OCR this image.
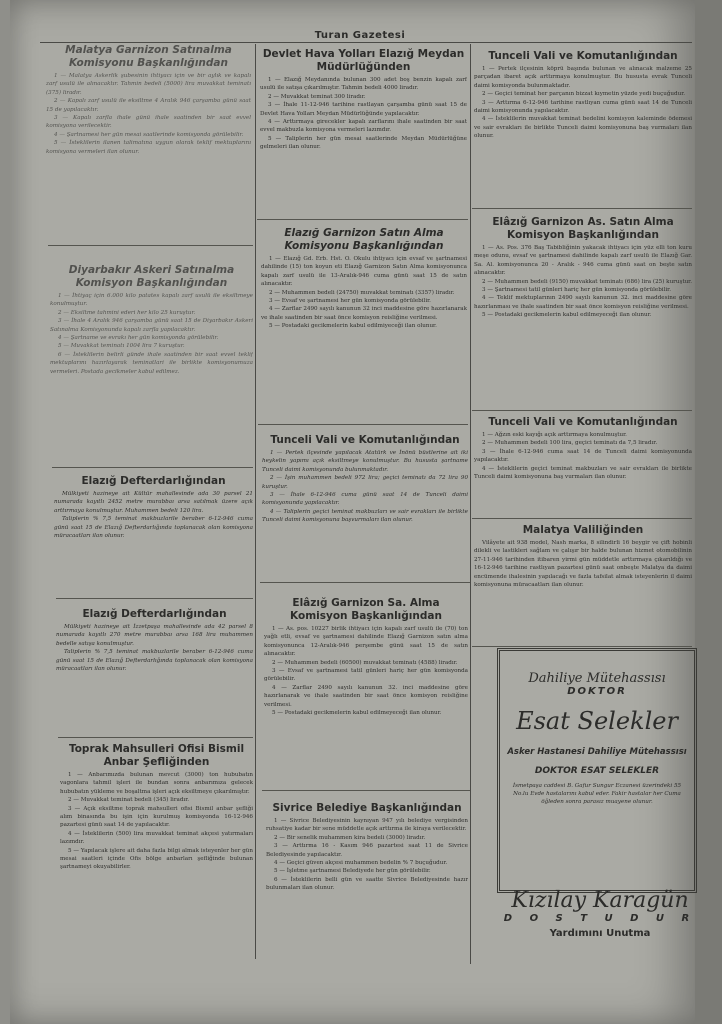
Turan Gazetesi
Malatya Garnizon Satınalma Komisyonu Başkanlığından

1 — Malatya Askerlik şubesinin ihtiyacı için ve bir aylık ve kapalı zarf usulü ile alınacaktır. Tahmin bedeli (5000) lira muvakkat teminatı (375) liradır.

2 — Kapalı zarf usulü ile eksiltme 4 Aralık 946 çarşamba günü saat 15 de yapılacaktır.

3 — Kapalı zarfla ihale günü ihale saatinden bir saat evvel komisyona verilecektir.

4 — Şartnamesi her gün mesai saatlerinde komisyonda görülebilir.

5 — İsteklilerin ilanen talimatına uygun olarak teklif mektuplarını komisyona vermeleri ilan olunur.

Diyarbakır Askeri Satınalma Komisyon Başkanlığından

1 — İhtiyaç için 6.000 kilo patates kapalı zarf usulü ile eksiltmeye konulmuştur.

2 — Eksiltme tahmini ederi her kilo 25 kuruştur.

3 — İhale 4 Aralık 946 çarşamba günü saat 15 de Diyarbakır Askeri Satınalma Komisyonunda kapalı zarfla yapılacaktır.

4 — Şartname ve evrakı her gün komisyonda görülebilir.

5 — Muvakkat teminatı 1004 lira 7 kuruştur.

6 — İsteklilerin belirli günde ihale saatinden bir saat evvel teklif mektuplarını hazırlayarak teminatlari ile birlikte komisyonumuza vermeleri. Postada gecikmeler kabul edilmez.

Elazığ Defterdarlığından

Mülkiyeti hazineye ait Kültür mahallesinde ada 30 parsel 21 numarada kayıtlı 2452 metre murabbaı arsa satılmak üzere açık arttırmaya konulmuştur. Muhammen bedeli 120 lira.

Taliplerin % 7,5 teminat makbuzlarile beraber 6-12-946 cuma günü saat 15 de Elazığ Defterdarlığında toplanacak olan komisyona müracaatları ilan olunur.

Elazığ Defterdarlığından

Mülkiyeti hazineye ait İzzetpaşa mahallesinde ada 42 parsel 8 numarada kayıtlı 270 metre murabbaı arsa 168 lira muhammen bedelle satışa konulmuştur.

Taliplerin % 7,5 teminat makbuzlarile beraber 6-12-946 cuma günü saat 15 de Elazığ Defterdarlığında toplanacak olan komisyona müracaatları ilan olunur.

Toprak Mahsulleri Ofisi Bismil Anbar Şefliğinden

1 — Anbarımızda bulunan mevcut (3000) ton hububatın vagonlara tahmil işleri ile bundan sonra anbarımıza gelecek hububatın yükleme ve boşaltma işleri açık eksiltmeye çıkarılmıştır.

2 — Muvakkat teminat bedeli (345) liradır.

3 — Açık eksiltme toprak mahsulleri ofisi Bismil anbar şefliği alım binasında bu işin için kurulmuş komisyonda 16-12-946 pazartesi günü saat 14 de yapılacaktır.

4 — İsteklilerin (500) lira muvakkat teminat akçesi yatırmaları lazımdır.

5 — Yapılacak işlere ait daha fazla bilgi almak isteyenler her gün mesai saatleri içinde Ofis bölge anbarları şefliğinde bulunan şartnameyi okuyabilirler.

Devlet Hava Yolları Elazığ Meydan Müdürlüğünden

1 — Elazığ Meydanında bulunan 300 adet boş benzin kapalı zarf usulü ile satışa çıkarılmıştır. Tahmin bedeli 4000 liradır.

2 — Muvakkat teminat 300 liradır.

3 — İhale 11-12-946 tarihine rastlayan çarşamba günü saat 15 de Devlet Hava Yolları Meydan Müdürlüğünde yapılacaktır.

4 — Arttırmaya girecekler kapalı zarflarını ihale saatinden bir saat evvel makbuzla komisyona vermeleri lazımdır.

5 — Taliplerin her gün mesai saatlerinde Meydan Müdürlüğüne gelmeleri ilan olunur.

Elazığ Garnizon Satın Alma Komisyonu Başkanlığından

1 — Elazığ Gd. Erb. Hst. O. Okulu ihtiyacı için evsaf ve şartnamesi dahilinde (15) ton koyun eti Elazığ Garnizon Satın Alma komisyonunca kapalı zarf usulü ile 13-Aralık-946 cuma günü saat 15 de satın alınacaktır.

2 — Muhammen bedeli (24750) muvakkat teminatı (3357) liradır.

3 — Evsaf ve şartnamesi her gün komisyonda görülebilir.

4 — Zarflar 2490 sayılı kanunun 32 inci maddesine göre hazırlanarak ve ihale saatinden bir saat önce komisyon reisliğine verilmesi.

5 — Postadaki gecikmelerin kabul edilmiyeceği ilan olunur.

Tunceli Vali ve Komutanlığından

1 — Pertek ilçesinde yapılacak Atatürk ve İnönü büstlerine ait iki heykelin yapımı açık eksiltmeye konulmuştur. Bu hususta şartname Tunceli daimi komisyonunda bulunmaktadır.

2 — İşin muhammen bedeli 972 lira; geçici teminatı da 72 lira 90 kuruştur.

3 — İhale 6-12-946 cuma günü saat 14 de Tunceli daimi komisyonunda yapılacaktır.

4 — Taliplerin geçici teminat makbuzları ve sair evrakları ile birlikte Tunceli daimi komisyonuna başvurmaları ilan olunur.

Elâzığ Garnizon Sa. Alma Komisyon Başkanlığından

1 — As. pos. 10227 birlik ihtiyacı için kapalı zarf usulü ile (70) ton yağlı etli, evsaf ve şartnamesi dahilinde Elazığ Garnizon satın alma komisyonunca 12-Aralık-946 perşembe günü saat 15 de satın alınacaktır.

2 — Muhammen bedeli (60500) muvakkat teminatı (4588) liradır.

3 — Evsaf ve şartnamesi tatil günleri hariç her gün komisyonda görülebilir.

4 — Zarflar 2490 sayılı kanunun 32. inci maddesine göre hazırlanarak ve ihale saatinden bir saat önce komisyon reisliğine verilmesi.

5 — Postadaki gecikmelerin kabul edilmeyeceği ilan olunur.

Sivrice Belediye Başkanlığından

1 — Sivrice Belediyesinin kaynıyan 947 yılı belediye vergisinden ruhsatiye kadar bir sene müddetle açık arttırma ile kiraya verilecektir.

2 — Bir senelik muhammen kira bedeli (3000) liradır.

3 — Arttırma 16 - Kasım 946 pazartesi saat 11 de Sivrice Belediyesinde yapılacaktır.

4 — Geçici güven akçesi muhammen bedelin % 7 buçuğudur.

5 — İşletme şartnamesi Belediyede her gün görülebilir.

6 — İsteklilerin belli gün ve saatte Sivrice Belediyesinde hazır bulunmaları ilan olunur.

Tunceli Vali ve Komutanlığından

1 — Pertek ilçesinin köprü başında bulunan ve alınacak malzeme 25 parçadan ibaret açık arttırmaya konulmuştur. Bu hususta evrak Tunceli daimi komisyonda bulunmaktadır.

2 — Geçici teminat her parçanın bizzat kıymetin yüzde yedi buçuğudur.

3 — Arttırma 6-12-946 tarihine rastlıyan cuma günü saat 14 de Tunceli daimi komisyonunda yapılacaktır.

4 — İsteklilerin muvakkat teminat bedelini komisyon kaleminde ödemesi ve sair evrakları ile birlikte Tunceli daimi komisyonuna baş vurmaları ilan olunur.

Elâzığ Garnizon As. Satın Alma Komisyon Başkanlığından

1 — As. Pos. 376 Baş Tabibliğinin yakacak ihtiyacı için yüz elli ton kuru meşe odunu, evsaf ve şartnamesi dahilinde kapalı zarf usulü ile Elazığ Gar. Sa. Al. komisyonunca 20 - Aralık - 946 cuma günü saat on beşte satın alınacaktır.

2 — Muhammen bedeli (9150) muvakkat teminatı (686) lira (25) kuruştur.

3 — Şartnamesi tatil günleri hariç her gün komisyonda görülebilir.

4 — Teklif mektuplarının 2490 sayılı kanunun 32. inci maddesine göre hazırlanması ve ihale saatinden bir saat önce komisyon reisliğine verilmesi.

5 — Postadaki gecikmelerin kabul edilmeyeceği ilan olunur.

Tunceli Vali ve Komutanlığından

1 — Ağzın eski kayığı açık arttırmaya konulmuştur.

2 — Muhammen bedeli 100 lira, geçici teminatı da 7,5 liradır.

3 — İhale 6-12-946 cuma saat 14 de Tunceli daimi komisyonunda yapılacaktır.

4 — İsteklilerin geçici teminat makbuzları ve sair evrakları ile birlikte Tunceli daimi komisyonuna baş vurmaları ilan olunur.

Malatya Valiliğinden

Vilâyete ait 938 model, Nash marka, 8 silindirli 16 beygir ve çift hobinli dilekli ve lastikleri sağlam ve çalışır bir halde bulunan hizmet otomobilinin 27-11-946 tarihinden itibaren yirmi gün müddetle arttırmaya çıkarıldığı ve 16-12-946 tarihine rastlıyan pazartesi günü saat onbeşte Malatya da daimi encümende ihalesinin yapılacağı ve fazla tafsilat almak isteyenlerin il daimi komisyonuna müracaatları ilan olunur.

Dahiliye Mütehassısı
DOKTOR
Esat Selekler
Asker Hastanesi Dahiliye Mütehassısı
DOKTOR ESAT SELEKLER
İsmetpaşa caddesi B. Gafur Sungur Eczanesi üzerindeki 55 No.lu Evde hastalarını kabul eder. Fakir hastalar her Cuma öğleden sonra parasız muayene olunur.
Kızılay Karagün
D O S T U D U R
Yardımını Unutma
